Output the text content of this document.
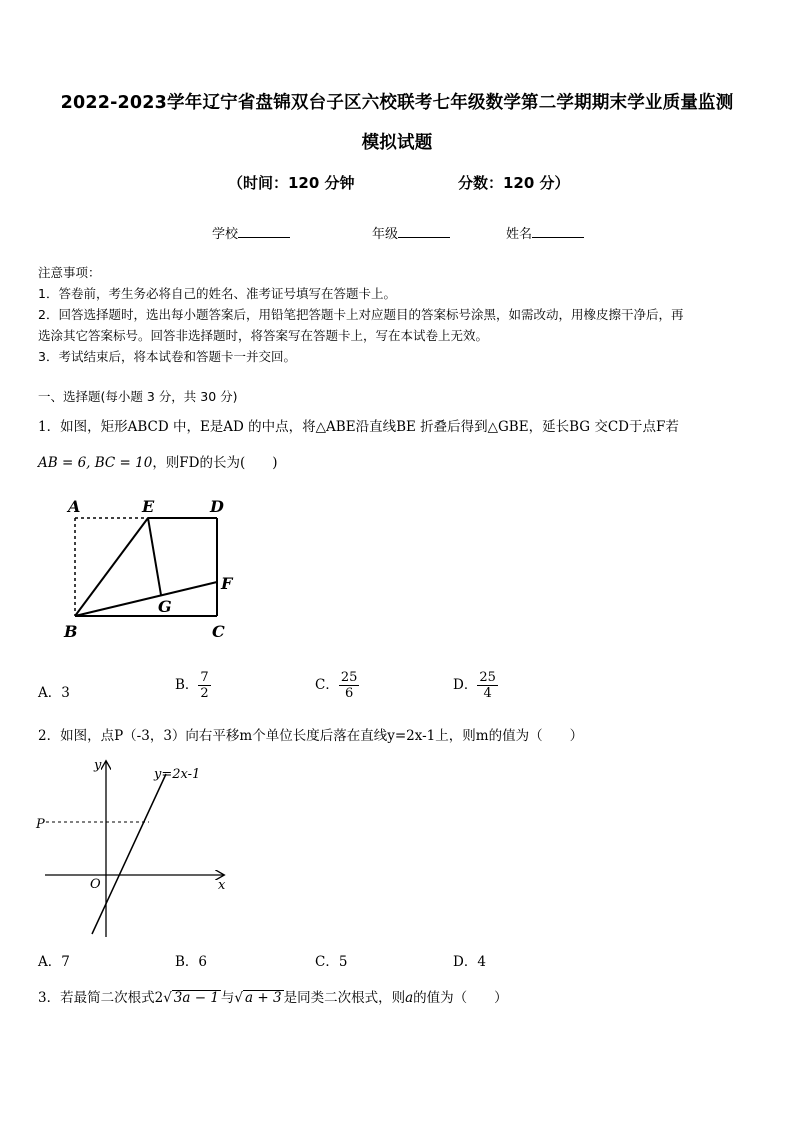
2022-2023学年辽宁省盘锦双台子区六校联考七年级数学第二学期期末学业质量监测
模拟试题
（时间：120 分钟	分数：120 分）
学校	年级	姓名
注意事项：
1．答卷前，考生务必将自己的姓名、准考证号填写在答题卡上。
2．回答选择题时，选出每小题答案后，用铅笔把答题卡上对应题目的答案标号涂黑，如需改动，用橡皮擦干净后，再
选涂其它答案标号。回答非选择题时，将答案写在答题卡上，写在本试卷上无效。
3．考试结束后，将本试卷和答题卡一并交回。
一、选择题(每小题 3 分，共 30 分)
1．如图，矩形ABCD 中，E是AD 的中点，将△ABE沿直线BE 折叠后得到△GBE，延长BG 交CD于点F若
AB = 6, BC = 10，则FD的长为(　　)
A	E	D
F
G
B	C
A．3	B． $\frac{7}{2}$	C． $\frac{25}{6}$	D． $\frac{25}{4}$
2．如图，点P（-3，3）向右平移m个单位长度后落在直线y=2x-1上，则m的值为（　　）
y
x
O
P
y=2x-1
A．7	B．6	C．5	D．4
3．若最简二次根式2√ 3a − 1 与√ a + 3 是同类二次根式，则a的值为（　　）
